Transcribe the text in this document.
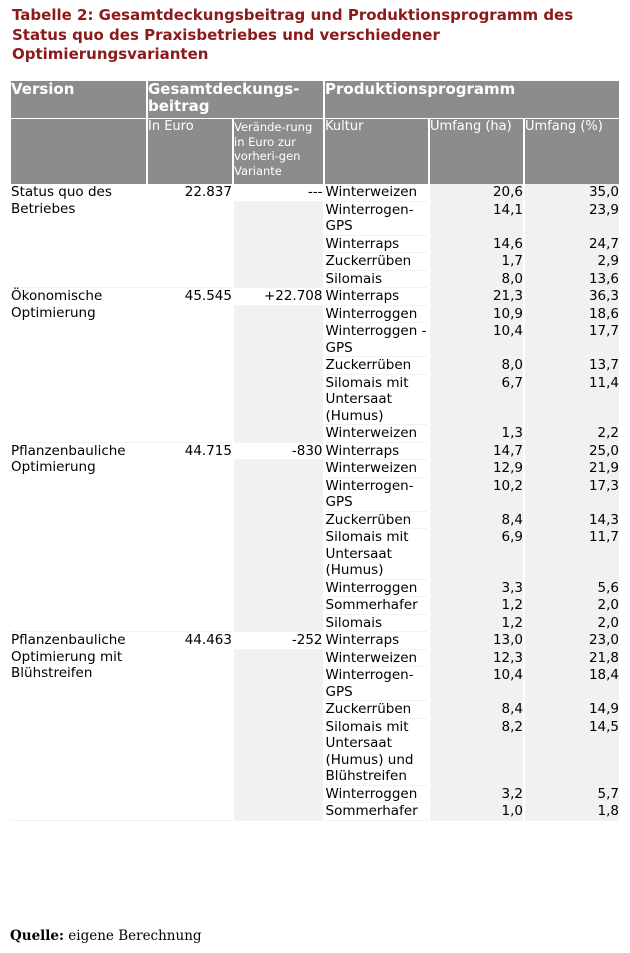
Tabelle 2: Gesamtdeckungsbeitrag und Produktionsprogramm des Status quo des Praxisbetriebes und verschiedener Optimierungsvarianten
Version	Gesamtdeckungs-beitrag		Produktionsprogramm		
	In Euro	Verände-rung in Euro zur vorheri-gen Variante	Kultur	Umfang (ha)	Umfang (%)
Status quo des Betriebes	22.837	---	Winterweizen	20,6	35,0
			Winterrogen-GPS	14,1	23,9
			Winterraps	14,6	24,7
			Zuckerrüben	1,7	2,9
			Silomais	8,0	13,6
Ökonomische Optimierung	45.545	+22.708	Winterraps	21,3	36,3
			Winterroggen	10,9	18,6
			Winterroggen -GPS	10,4	17,7
			Zuckerrüben	8,0	13,7
			Silomais mit Untersaat (Humus)	6,7	11,4
			Winterweizen	1,3	2,2
Pflanzenbauliche Optimierung	44.715	-830	Winterraps	14,7	25,0
			Winterweizen	12,9	21,9
			Winterrogen-GPS	10,2	17,3
			Zuckerrüben	8,4	14,3
			Silomais mit Untersaat (Humus)	6,9	11,7
			Winterroggen	3,3	5,6
			Sommerhafer	1,2	2,0
			Silomais	1,2	2,0
Pflanzenbauliche Optimierung mit Blühstreifen	44.463	-252	Winterraps	13,0	23,0
			Winterweizen	12,3	21,8
			Winterrogen-GPS	10,4	18,4
			Zuckerrüben	8,4	14,9
			Silomais mit Untersaat (Humus) und Blühstreifen	8,2	14,5
			Winterroggen	3,2	5,7
			Sommerhafer	1,0	1,8
Quelle: eigene Berechnung
